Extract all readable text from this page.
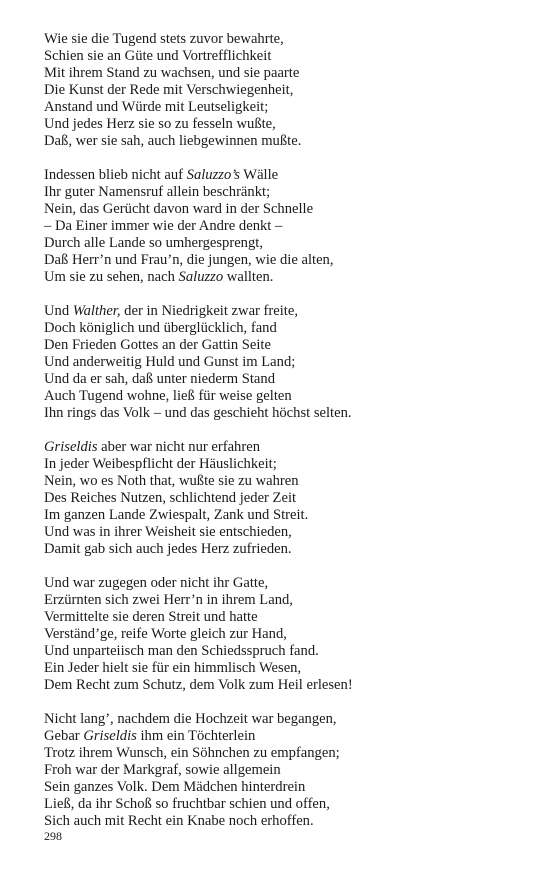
Wie sie die Tugend stets zuvor bewahrte,
Schien sie an Güte und Vortrefflichkeit
Mit ihrem Stand zu wachsen, und sie paarte
Die Kunst der Rede mit Verschwiegenheit,
Anstand und Würde mit Leutseligkeit;
Und jedes Herz sie so zu fesseln wußte,
Daß, wer sie sah, auch liebgewinnen mußte.
Indessen blieb nicht auf Saluzzo’s Wälle
Ihr guter Namensruf allein beschränkt;
Nein, das Gerücht davon ward in der Schnelle
– Da Einer immer wie der Andre denkt –
Durch alle Lande so umhergesprengt,
Daß Herr’n und Frau’n, die jungen, wie die alten,
Um sie zu sehen, nach Saluzzo wallten.
Und Walther, der in Niedrigkeit zwar freite,
Doch königlich und überglücklich, fand
Den Frieden Gottes an der Gattin Seite
Und anderweitig Huld und Gunst im Land;
Und da er sah, daß unter niederm Stand
Auch Tugend wohne, ließ für weise gelten
Ihn rings das Volk – und das geschieht höchst selten.
Griseldis aber war nicht nur erfahren
In jeder Weibespflicht der Häuslichkeit;
Nein, wo es Noth that, wußte sie zu wahren
Des Reiches Nutzen, schlichtend jeder Zeit
Im ganzen Lande Zwiespalt, Zank und Streit.
Und was in ihrer Weisheit sie entschieden,
Damit gab sich auch jedes Herz zufrieden.
Und war zugegen oder nicht ihr Gatte,
Erzürnten sich zwei Herr’n in ihrem Land,
Vermittelte sie deren Streit und hatte
Verständ’ge, reife Worte gleich zur Hand,
Und unparteiisch man den Schiedsspruch fand.
Ein Jeder hielt sie für ein himmlisch Wesen,
Dem Recht zum Schutz, dem Volk zum Heil erlesen!
Nicht lang’, nachdem die Hochzeit war begangen,
Gebar Griseldis ihm ein Töchterlein
Trotz ihrem Wunsch, ein Söhnchen zu empfangen;
Froh war der Markgraf, sowie allgemein
Sein ganzes Volk. Dem Mädchen hinterdrein
Ließ, da ihr Schoß so fruchtbar schien und offen,
Sich auch mit Recht ein Knabe noch erhoffen.
298
